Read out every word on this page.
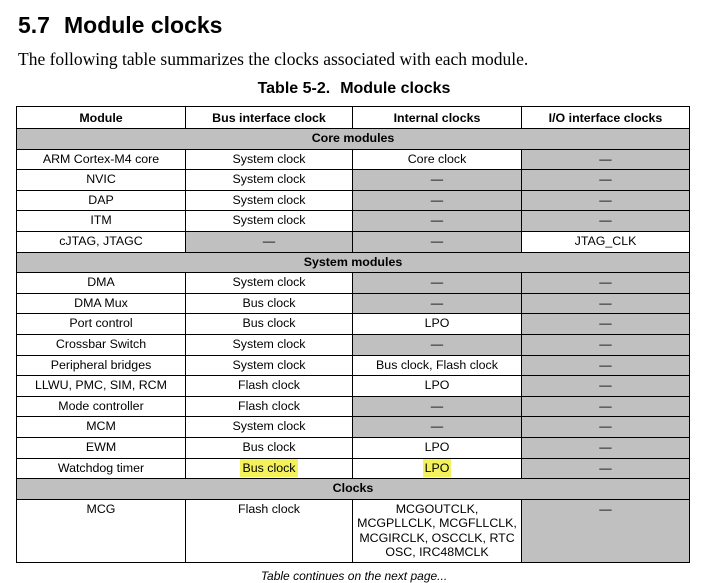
5.7 Module clocks

The following table summarizes the clocks associated with each module.

Table 5-2. Module clocks

Module	Bus interface clock	Internal clocks	I/O interface clocks
Core modules			
ARM Cortex-M4 core	System clock	Core clock	—
NVIC	System clock	—	—
DAP	System clock	—	—
ITM	System clock	—	—
cJTAG, JTAGC	—	—	JTAG_CLK
System modules			
DMA	System clock	—	—
DMA Mux	Bus clock	—	—
Port control	Bus clock	LPO	—
Crossbar Switch	System clock	—	—
Peripheral bridges	System clock	Bus clock, Flash clock	—
LLWU, PMC, SIM, RCM	Flash clock	LPO	—
Mode controller	Flash clock	—	—
MCM	System clock	—	—
EWM	Bus clock	LPO	—
Watchdog timer	Bus clock	LPO	—
Clocks			
MCG	Flash clock	MCGOUTCLK, MCGPLLCLK, MCGFLLCLK, MCGIRCLK, OSCCLK, RTC OSC, IRC48MCLK	—

Table continues on the next page...
